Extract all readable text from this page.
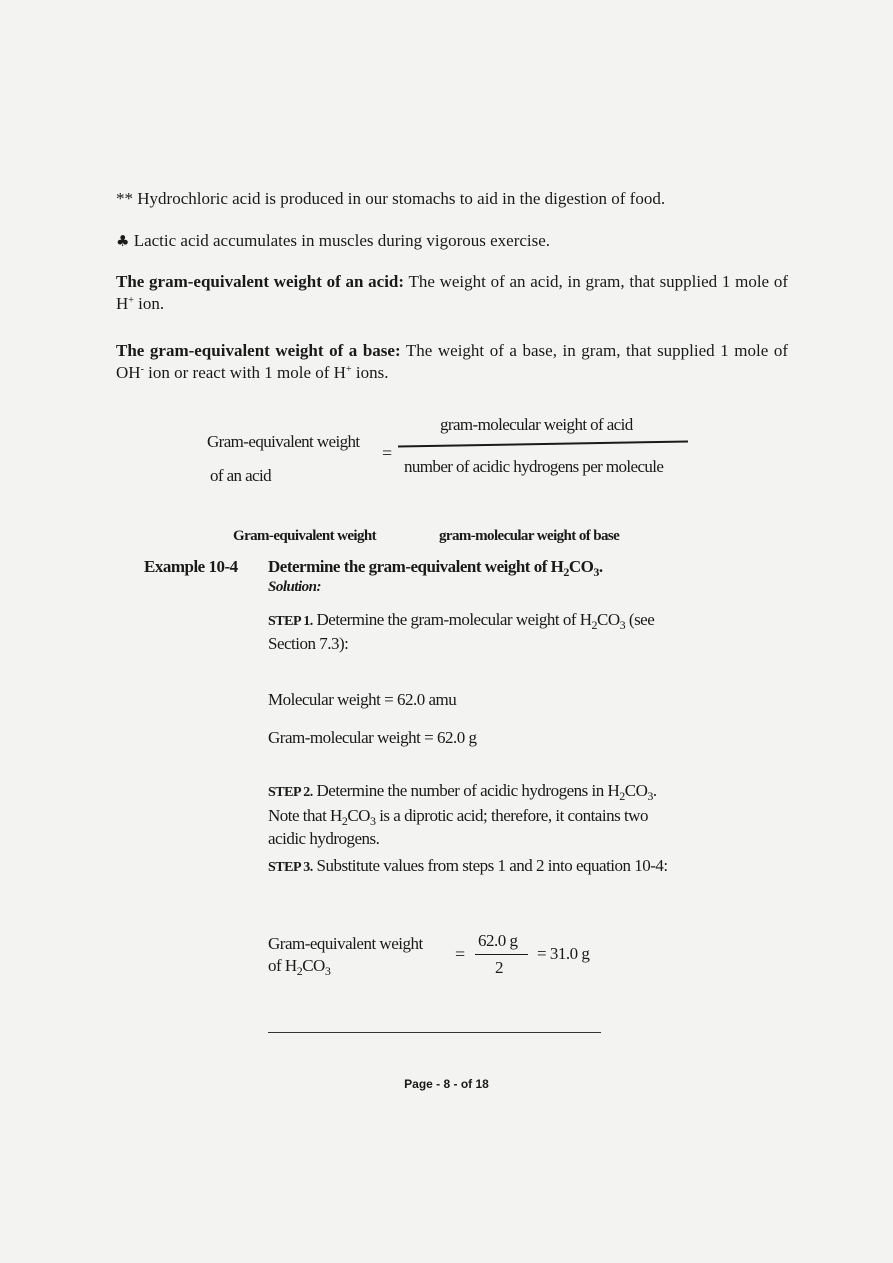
** Hydrochloric acid is produced in our stomachs to aid in the digestion of food.
♣ Lactic acid accumulates in muscles during vigorous exercise.
The gram-equivalent weight of an acid: The weight of an acid, in gram, that supplied 1 mole of H+ ion.
The gram-equivalent weight of a base: The weight of a base, in gram, that supplied 1 mole of OH- ion or react with 1 mole of H+ ions.
Gram-equivalent weight
of an acid
=
gram-molecular weight of acid
number of acidic hydrogens per molecule
Gram-equivalent weight	gram-molecular weight of base
Example 10-4 Determine the gram-equivalent weight of $H_2CO_3$.
Solution:
STEP 1. Determine the gram-molecular weight of $H_2CO_3$ (see
Section 7.3):
Molecular weight = 62.0 amu
Gram-molecular weight = 62.0 g
STEP 2. Determine the number of acidic hydrogens in $H_2CO_3$.
Note that $H_2CO_3$ is a diprotic acid; therefore, it contains two
acidic hydrogens.
STEP 3. Substitute values from steps 1 and 2 into equation 10-4:
Gram-equivalent weight
of $H_2CO_3$
=
62.0 g
2
= 31.0 g
Page - 8 - of 18
